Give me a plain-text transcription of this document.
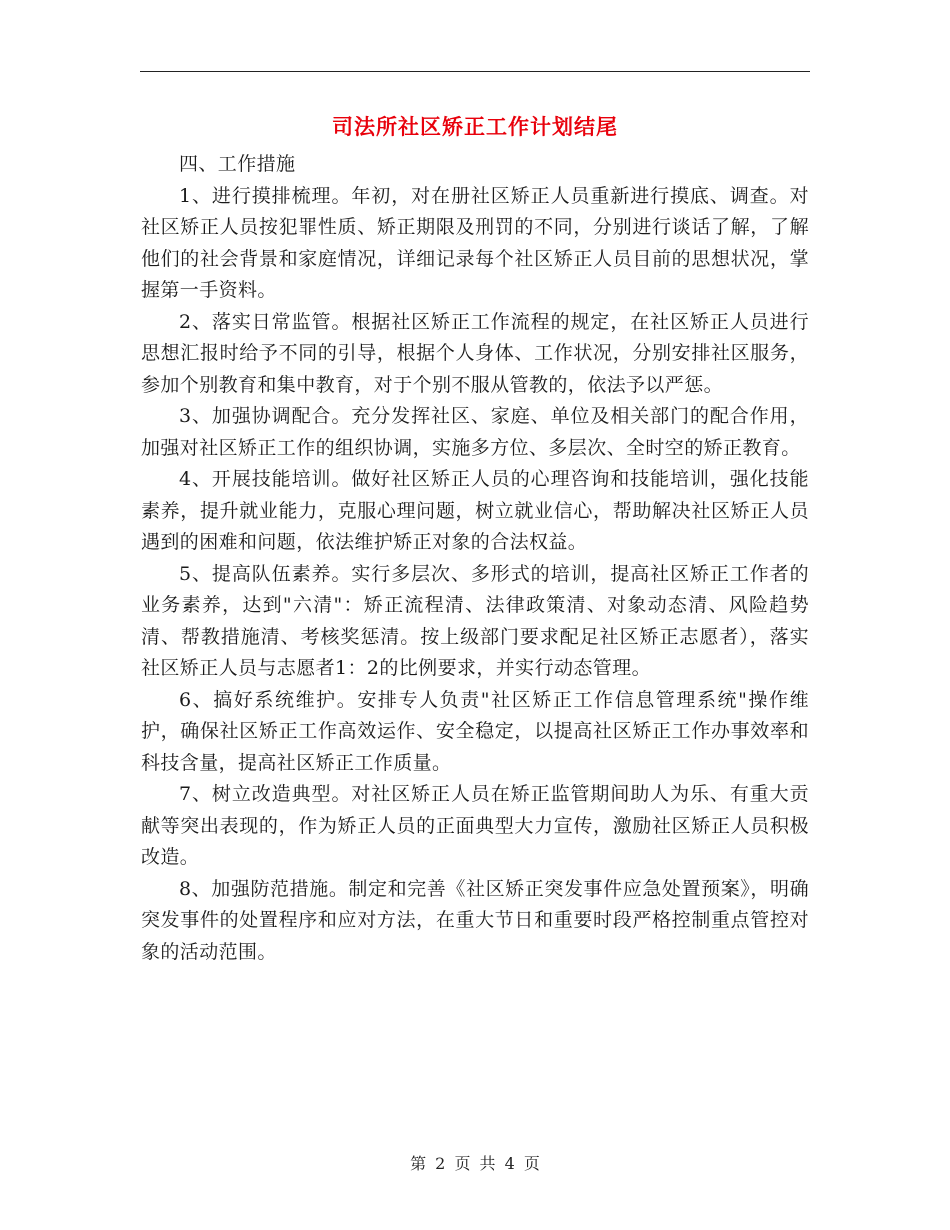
司法所社区矫正工作计划结尾

四、工作措施

1、进行摸排梳理。年初，对在册社区矫正人员重新进行摸底、调查。对社区矫正人员按犯罪性质、矫正期限及刑罚的不同，分别进行谈话了解，了解他们的社会背景和家庭情况，详细记录每个社区矫正人员目前的思想状况，掌握第一手资料。

2、落实日常监管。根据社区矫正工作流程的规定，在社区矫正人员进行思想汇报时给予不同的引导，根据个人身体、工作状况，分别安排社区服务，参加个别教育和集中教育，对于个别不服从管教的，依法予以严惩。

3、加强协调配合。充分发挥社区、家庭、单位及相关部门的配合作用，加强对社区矫正工作的组织协调，实施多方位、多层次、全时空的矫正教育。

4、开展技能培训。做好社区矫正人员的心理咨询和技能培训，强化技能素养，提升就业能力，克服心理问题，树立就业信心，帮助解决社区矫正人员遇到的困难和问题，依法维护矫正对象的合法权益。

5、提高队伍素养。实行多层次、多形式的培训，提高社区矫正工作者的业务素养，达到"六清"：矫正流程清、法律政策清、对象动态清、风险趋势清、帮教措施清、考核奖惩清。按上级部门要求配足社区矫正志愿者），落实社区矫正人员与志愿者1：2的比例要求，并实行动态管理。

6、搞好系统维护。安排专人负责"社区矫正工作信息管理系统"操作维护，确保社区矫正工作高效运作、安全稳定，以提高社区矫正工作办事效率和科技含量，提高社区矫正工作质量。

7、树立改造典型。对社区矫正人员在矫正监管期间助人为乐、有重大贡献等突出表现的，作为矫正人员的正面典型大力宣传，激励社区矫正人员积极改造。

8、加强防范措施。制定和完善《社区矫正突发事件应急处置预案》，明确突发事件的处置程序和应对方法，在重大节日和重要时段严格控制重点管控对象的活动范围。

第 2 页 共 4 页
